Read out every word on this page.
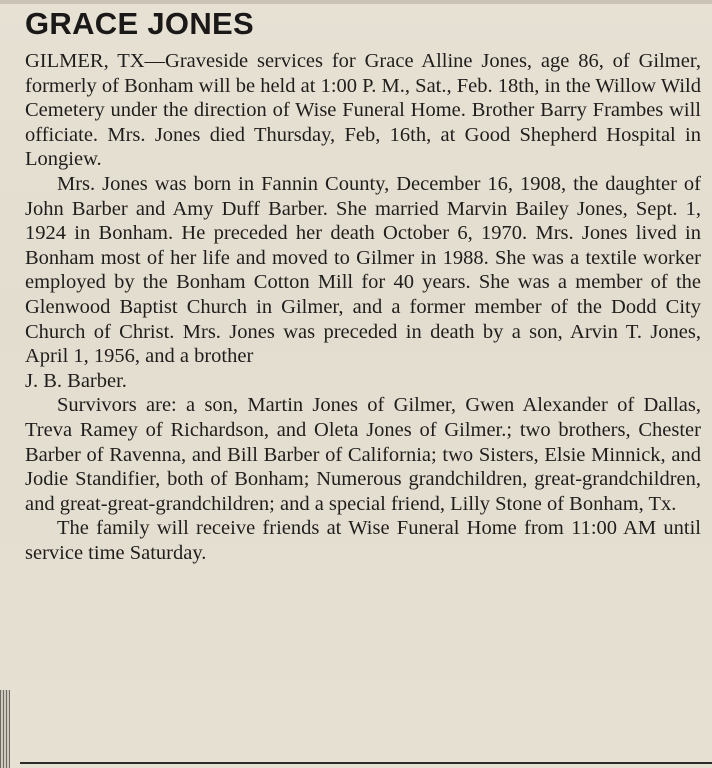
GRACE JONES

GILMER, TX—Graveside services for Grace Alline Jones, age 86, of Gilmer, formerly of Bonham will be held at 1:00 P. M., Sat., Feb. 18th, in the Willow Wild Cemetery under the direction of Wise Funeral Home. Brother Barry Frambes will officiate. Mrs. Jones died Thursday, Feb, 16th, at Good Shepherd Hospital in Longiew.

Mrs. Jones was born in Fannin County, December 16, 1908, the daughter of John Barber and Amy Duff Barber. She married Marvin Bailey Jones, Sept. 1, 1924 in Bonham. He preceded her death October 6, 1970. Mrs. Jones lived in Bonham most of her life and moved to Gilmer in 1988. She was a textile worker employed by the Bonham Cotton Mill for 40 years. She was a member of the Glenwood Baptist Church in Gilmer, and a former member of the Dodd City Church of Christ. Mrs. Jones was preceded in death by a son, Arvin T. Jones, April 1, 1956, and a brother

J. B. Barber.

Survivors are: a son, Martin Jones of Gilmer, Gwen Alexander of Dallas, Treva Ramey of Richardson, and Oleta Jones of Gilmer.; two brothers, Chester Barber of Ravenna, and Bill Barber of California; two Sisters, Elsie Minnick, and Jodie Standifier, both of Bonham; Numerous grandchildren, great-grandchildren, and great-great-grandchildren; and a special friend, Lilly Stone of Bonham, Tx.

The family will receive friends at Wise Funeral Home from 11:00 AM until service time Saturday.
